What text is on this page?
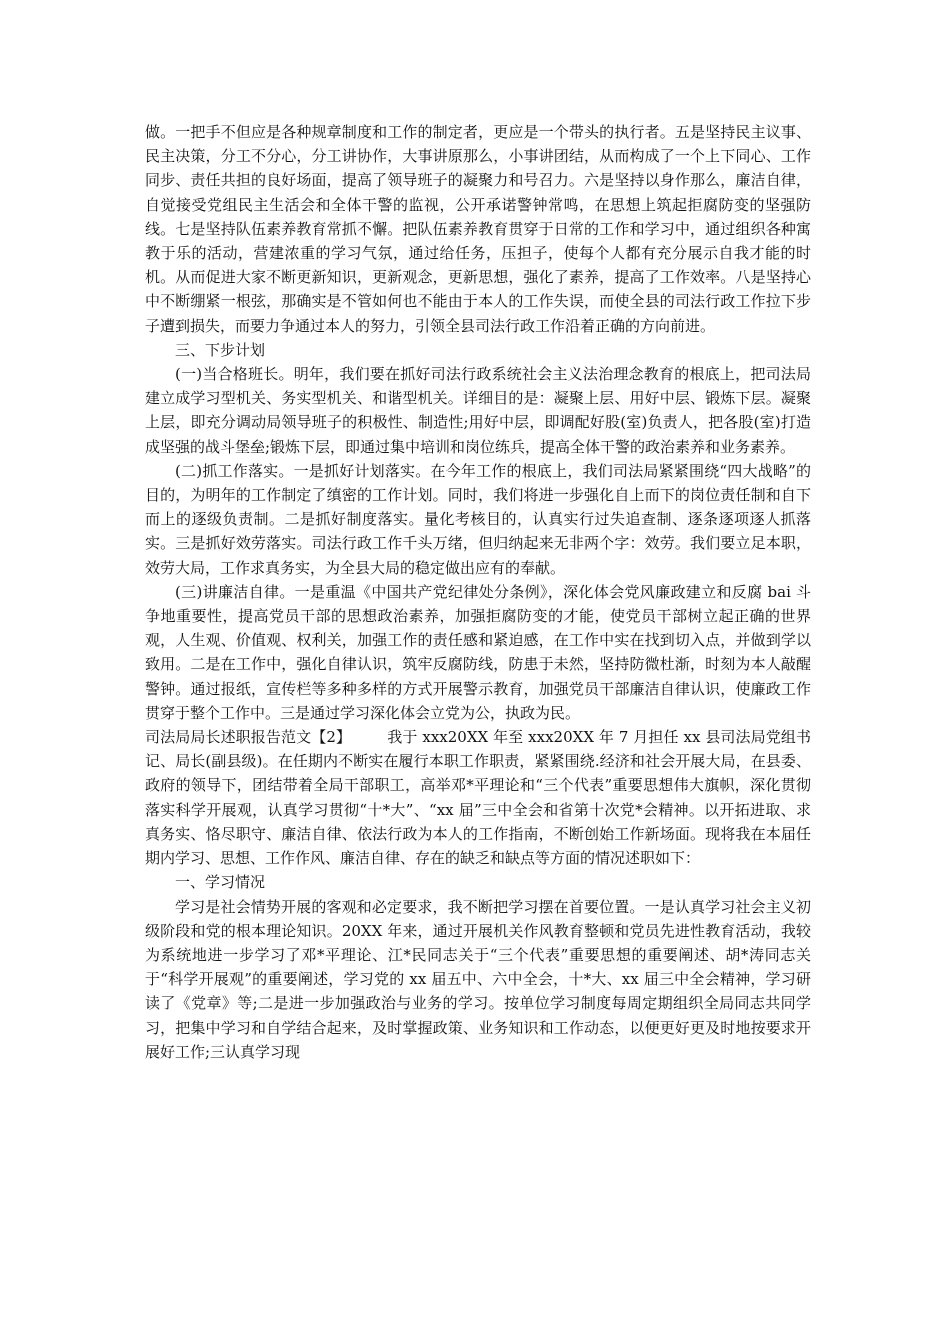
做。一把手不但应是各种规章制度和工作的制定者，更应是一个带头的执行者。五是坚持民主议事、民主决策，分工不分心，分工讲协作，大事讲原那么，小事讲团结，从而构成了一个上下同心、工作同步、责任共担的良好场面，提高了领导班子的凝聚力和号召力。六是坚持以身作那么，廉洁自律，自觉接受党组民主生活会和全体干警的监视，公开承诺警钟常鸣，在思想上筑起拒腐防变的坚强防线。七是坚持队伍素养教育常抓不懈。把队伍素养教育贯穿于日常的工作和学习中，通过组织各种寓教于乐的活动，营建浓重的学习气氛，通过给任务，压担子，使每个人都有充分展示自我才能的时机。从而促进大家不断更新知识，更新观念，更新思想，强化了素养，提高了工作效率。八是坚持心中不断绷紧一根弦，那确实是不管如何也不能由于本人的工作失误，而使全县的司法行政工作拉下步子遭到损失，而要力争通过本人的努力，引领全县司法行政工作沿着正确的方向前进。

三、下步计划

(一)当合格班长。明年，我们要在抓好司法行政系统社会主义法治理念教育的根底上，把司法局建立成学习型机关、务实型机关、和谐型机关。详细目的是：凝聚上层、用好中层、锻炼下层。凝聚上层，即充分调动局领导班子的积极性、制造性;用好中层，即调配好股(室)负责人，把各股(室)打造成坚强的战斗堡垒;锻炼下层，即通过集中培训和岗位练兵，提高全体干警的政治素养和业务素养。

(二)抓工作落实。一是抓好计划落实。在今年工作的根底上，我们司法局紧紧围绕“四大战略”的目的，为明年的工作制定了缜密的工作计划。同时，我们将进一步强化自上而下的岗位责任制和自下而上的逐级负责制。二是抓好制度落实。量化考核目的，认真实行过失追查制、逐条逐项逐人抓落实。三是抓好效劳落实。司法行政工作千头万绪，但归纳起来无非两个字：效劳。我们要立足本职，效劳大局，工作求真务实，为全县大局的稳定做出应有的奉献。

(三)讲廉洁自律。一是重温《中国共产党纪律处分条例》，深化体会党风廉政建立和反腐 bai 斗争地重要性，提高党员干部的思想政治素养，加强拒腐防变的才能，使党员干部树立起正确的世界观，人生观、价值观、权利关，加强工作的责任感和紧迫感，在工作中实在找到切入点，并做到学以致用。二是在工作中，强化自律认识，筑牢反腐防线，防患于未然，坚持防微杜渐，时刻为本人敲醒警钟。通过报纸，宣传栏等多种多样的方式开展警示教育，加强党员干部廉洁自律认识，使廉政工作贯穿于整个工作中。三是通过学习深化体会立党为公，执政为民。

司法局局长述职报告范文【2】 我于 xxx20XX 年至 xxx20XX 年 7 月担任 xx 县司法局党组书记、局长(副县级)。在任期内不断实在履行本职工作职责，紧紧围绕.经济和社会开展大局，在县委、政府的领导下，团结带着全局干部职工，高举邓*平理论和“三个代表”重要思想伟大旗帜，深化贯彻落实科学开展观，认真学习贯彻“十*大”、“xx 届”三中全会和省第十次党*会精神。以开拓进取、求真务实、恪尽职守、廉洁自律、依法行政为本人的工作指南，不断创始工作新场面。现将我在本届任期内学习、思想、工作作风、廉洁自律、存在的缺乏和缺点等方面的情况述职如下：

一、学习情况

学习是社会情势开展的客观和必定要求，我不断把学习摆在首要位置。一是认真学习社会主义初级阶段和党的根本理论知识。20XX 年来，通过开展机关作风教育整顿和党员先进性教育活动，我较为系统地进一步学习了邓*平理论、江*民同志关于“三个代表”重要思想的重要阐述、胡*涛同志关于“科学开展观”的重要阐述，学习党的 xx 届五中、六中全会，十*大、xx 届三中全会精神，学习研读了《党章》等;二是进一步加强政治与业务的学习。按单位学习制度每周定期组织全局同志共同学习，把集中学习和自学结合起来，及时掌握政策、业务知识和工作动态，以便更好更及时地按要求开展好工作;三认真学习现
